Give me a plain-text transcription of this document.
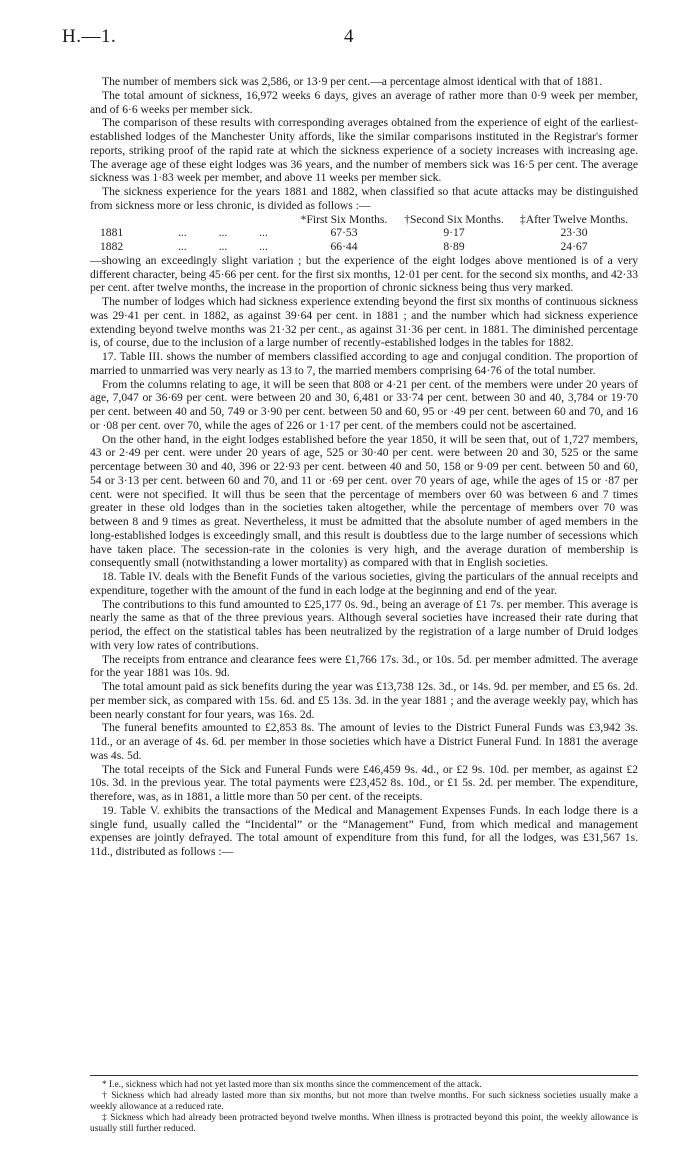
H.—1.	4

The number of members sick was 2,586, or 13·9 per cent.—a percentage almost identical with that of 1881.

The total amount of sickness, 16,972 weeks 6 days, gives an average of rather more than 0·9 week per member, and of 6·6 weeks per member sick.

The comparison of these results with corresponding averages obtained from the experience of eight of the earliest-established lodges of the Manchester Unity affords, like the similar comparisons instituted in the Registrar's former reports, striking proof of the rapid rate at which the sickness experience of a society increases with increasing age. The average age of these eight lodges was 36 years, and the number of members sick was 16·5 per cent. The average sickness was 1·83 week per member, and above 11 weeks per member sick.

The sickness experience for the years 1881 and 1882, when classified so that acute attacks may be distinguished from sickness more or less chronic, is divided as follows :—

		*First Six Months.	†Second Six Months.	‡After Twelve Months.
1881	...           ...           ...	67·53	9·17	23·30
1882	...           ...           ...	66·44	8·89	24·67

—showing an exceedingly slight variation ; but the experience of the eight lodges above mentioned is of a very different character, being 45·66 per cent. for the first six months, 12·01 per cent. for the second six months, and 42·33 per cent. after twelve months, the increase in the proportion of chronic sickness being thus very marked.

The number of lodges which had sickness experience extending beyond the first six months of continuous sickness was 29·41 per cent. in 1882, as against 39·64 per cent. in 1881 ; and the number which had sickness experience extending beyond twelve months was 21·32 per cent., as against 31·36 per cent. in 1881. The diminished percentage is, of course, due to the inclusion of a large number of recently-established lodges in the tables for 1882.

17. Table III. shows the number of members classified according to age and conjugal condition. The proportion of married to unmarried was very nearly as 13 to 7, the married members comprising 64·76 of the total number.

From the columns relating to age, it will be seen that 808 or 4·21 per cent. of the members were under 20 years of age, 7,047 or 36·69 per cent. were between 20 and 30, 6,481 or 33·74 per cent. between 30 and 40, 3,784 or 19·70 per cent. between 40 and 50, 749 or 3·90 per cent. between 50 and 60, 95 or ·49 per cent. between 60 and 70, and 16 or ·08 per cent. over 70, while the ages of 226 or 1·17 per cent. of the members could not be ascertained.

On the other hand, in the eight lodges established before the year 1850, it will be seen that, out of 1,727 members, 43 or 2·49 per cent. were under 20 years of age, 525 or 30·40 per cent. were between 20 and 30, 525 or the same percentage between 30 and 40, 396 or 22·93 per cent. between 40 and 50, 158 or 9·09 per cent. between 50 and 60, 54 or 3·13 per cent. between 60 and 70, and 11 or ·69 per cent. over 70 years of age, while the ages of 15 or ·87 per cent. were not specified. It will thus be seen that the percentage of members over 60 was between 6 and 7 times greater in these old lodges than in the societies taken altogether, while the percentage of members over 70 was between 8 and 9 times as great. Nevertheless, it must be admitted that the absolute number of aged members in the long-established lodges is exceedingly small, and this result is doubtless due to the large number of secessions which have taken place. The secession-rate in the colonies is very high, and the average duration of membership is consequently small (notwithstanding a lower mortality) as compared with that in English societies.

18. Table IV. deals with the Benefit Funds of the various societies, giving the particulars of the annual receipts and expenditure, together with the amount of the fund in each lodge at the beginning and end of the year.

The contributions to this fund amounted to £25,177 0s. 9d., being an average of £1 7s. per member. This average is nearly the same as that of the three previous years. Although several societies have increased their rate during that period, the effect on the statistical tables has been neutralized by the registration of a large number of Druid lodges with very low rates of contributions.

The receipts from entrance and clearance fees were £1,766 17s. 3d., or 10s. 5d. per member admitted. The average for the year 1881 was 10s. 9d.

The total amount paid as sick benefits during the year was £13,738 12s. 3d., or 14s. 9d. per member, and £5 6s. 2d. per member sick, as compared with 15s. 6d. and £5 13s. 3d. in the year 1881 ; and the average weekly pay, which has been nearly constant for four years, was 16s. 2d.

The funeral benefits amounted to £2,853 8s. The amount of levies to the District Funeral Funds was £3,942 3s. 11d., or an average of 4s. 6d. per member in those societies which have a District Funeral Fund. In 1881 the average was 4s. 5d.

The total receipts of the Sick and Funeral Funds were £46,459 9s. 4d., or £2 9s. 10d. per member, as against £2 10s. 3d. in the previous year. The total payments were £23,452 8s. 10d., or £1 5s. 2d. per member. The expenditure, therefore, was, as in 1881, a little more than 50 per cent. of the receipts.

19. Table V. exhibits the transactions of the Medical and Management Expenses Funds. In each lodge there is a single fund, usually called the “Incidental” or the “Management” Fund, from which medical and management expenses are jointly defrayed. The total amount of expenditure from this fund, for all the lodges, was £31,567 1s. 11d., distributed as follows :—

* I.e., sickness which had not yet lasted more than six months since the commencement of the attack.

† Sickness which had already lasted more than six months, but not more than twelve months. For such sickness societies usually make a weekly allowance at a reduced rate.

‡ Sickness which had already been protracted beyond twelve months. When illness is protracted beyond this point, the weekly allowance is usually still further reduced.
